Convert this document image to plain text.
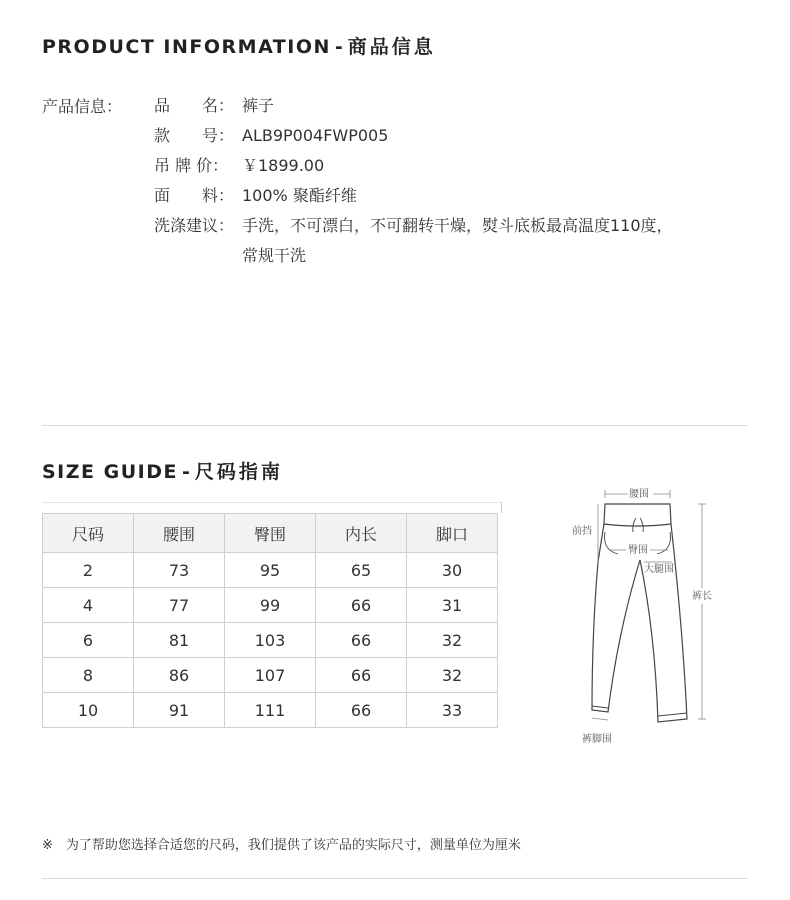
PRODUCT INFORMATION - 商品信息
产品信息： 品　　名： 裤子
款　　号： ALB9P004FWP005
吊 牌 价： ￥1899.00
面　　料： 100% 聚酯纤维
洗涤建议： 手洗，不可漂白，不可翻转干燥，熨斗底板最高温度110度，
常规干洗
SIZE GUIDE - 尺码指南
尺码	腰围	臀围	内长	脚口
2	73	95	65	30
4	77	99	66	31
6	81	103	66	32
8	86	107	66	32
10	91	111	66	33
腰围
前挡
臀围
大腿围
裤长
裤脚围
※　为了帮助您选择合适您的尺码，我们提供了该产品的实际尺寸，测量单位为厘米
